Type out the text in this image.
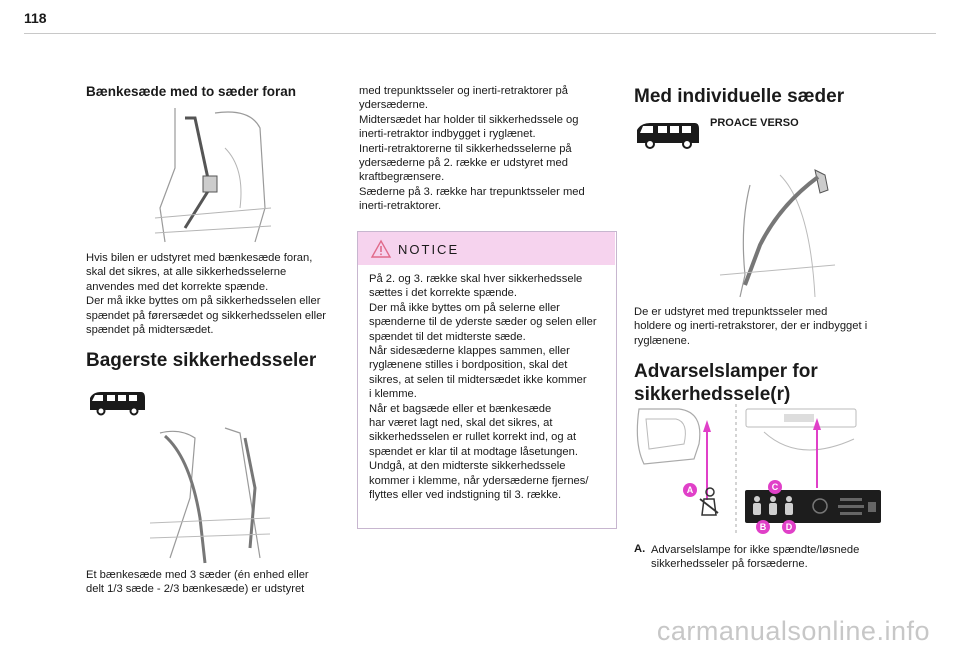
118
Bænkesæde med to sæder foran
Hvis bilen er udstyret med bænkesæde foran,
skal det sikres, at alle sikkerhedsselerne
anvendes med det korrekte spænde.
Der må ikke byttes om på sikkerhedsselen eller
spændet på førersædet og sikkerhedsselen eller
spændet på midtersædet.
Bagerste sikkerhedsseler
Et bænkesæde med 3 sæder (én enhed eller
delt 1/3 sæde - 2/3 bænkesæde) er udstyret
med trepunktsseler og inerti-retraktorer på
ydersæderne.
Midtersædet har holder til sikkerhedssele og
inerti-retraktor indbygget i ryglænet.
Inerti-retraktorerne til sikkerhedsselerne på
ydersæderne på 2. række er udstyret med
kraftbegrænsere.
Sæderne på 3. række har trepunktsseler med
inerti-retraktorer.
NOTICE
På 2. og 3. række skal hver sikkerhedssele
sættes i det korrekte spænde.
Der må ikke byttes om på selerne eller
spænderne til de yderste sæder og selen eller
spændet til det midterste sæde.
Når sidesæderne klappes sammen, eller
ryglænene stilles i bordposition, skal det
sikres, at selen til midtersædet ikke kommer
i klemme.
Når et bagsæde eller et bænkesæde
har været lagt ned, skal det sikres, at
sikkerhedsselen er rullet korrekt ind, og at
spændet er klar til at modtage låsetungen.
Undgå, at den midterste sikkerhedssele
kommer i klemme, når ydersæderne fjernes/
flyttes eller ved indstigning til 3. række.
Med individuelle sæder
PROACE VERSO
De er udstyret med trepunktsseler med
holdere og inerti-retrakstorer, der er indbygget i
ryglænene.
Advarselslamper for
sikkerhedssele(r)
A	C
B	D
A. Advarselslampe for ikke spændte/løsnede
sikkerhedsseler på forsæderne.
carmanualsonline.info
